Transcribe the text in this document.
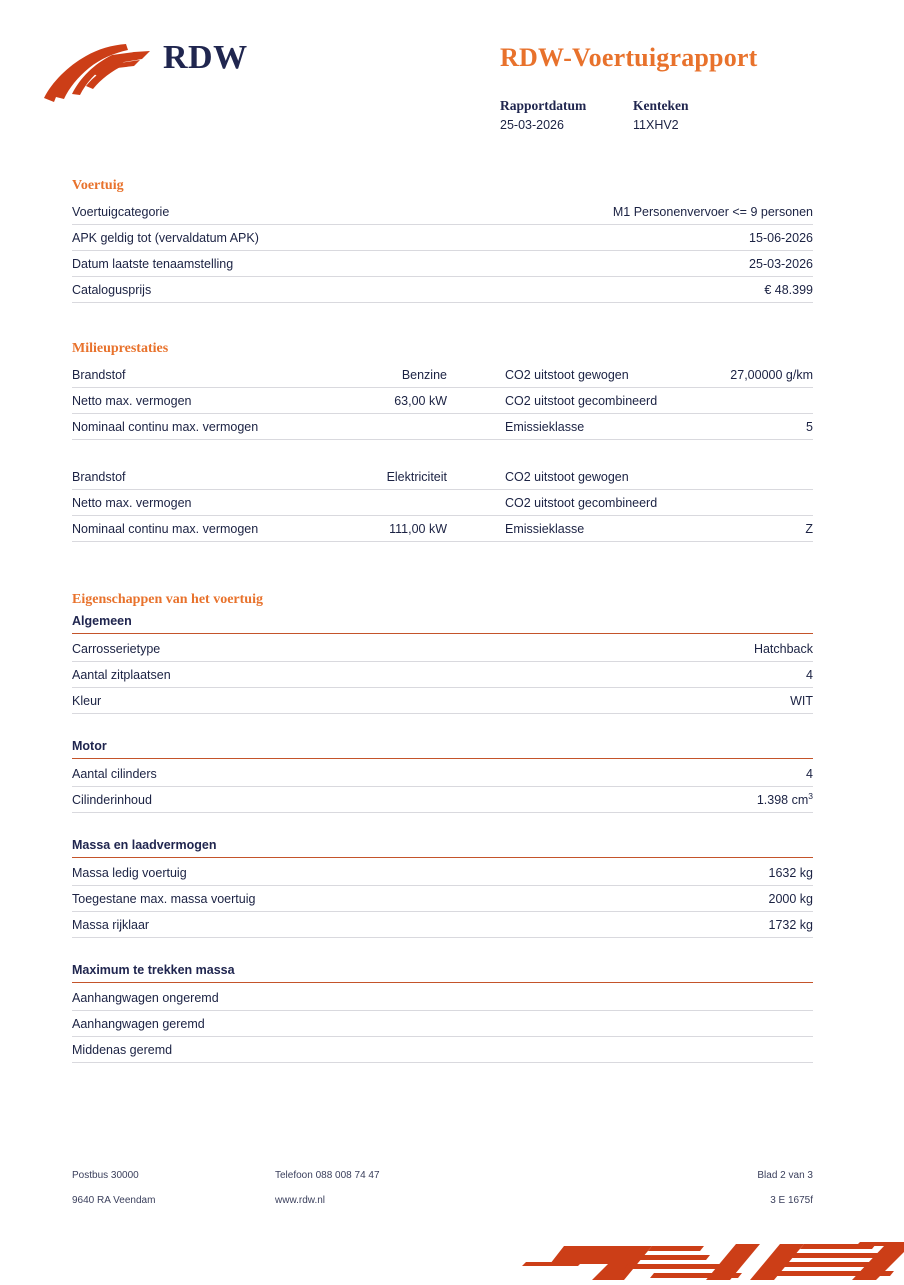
RDW	RDW-Voertuigrapport
Rapportdatum
25-03-2026
Kenteken
11XHV2
Voertuig
Voertuigcategorie	M1 Personenvervoer <= 9 personen
APK geldig tot (vervaldatum APK)	15-06-2026
Datum laatste tenaamstelling	25-03-2026
Catalogusprijs	€ 48.399
Milieuprestaties
Brandstof	Benzine	CO2 uitstoot gewogen	27,00000 g/km
Netto max. vermogen	63,00 kW	CO2 uitstoot gecombineerd	
Nominaal continu max. vermogen		Emissieklasse	5
Brandstof	Elektriciteit	CO2 uitstoot gewogen	
Netto max. vermogen		CO2 uitstoot gecombineerd	
Nominaal continu max. vermogen	111,00 kW	Emissieklasse	Z
Eigenschappen van het voertuig
Algemeen
Carrosserietype	Hatchback
Aantal zitplaatsen	4
Kleur	WIT
Motor
Aantal cilinders	4
Cilinderinhoud	1.398 $cm^3$
Massa en laadvermogen
Massa ledig voertuig	1632 kg
Toegestane max. massa voertuig	2000 kg
Massa rijklaar	1732 kg
Maximum te trekken massa
Aanhangwagen ongeremd	
Aanhangwagen geremd	
Middenas geremd	
Postbus 30000	Telefoon 088 008 74 47	Blad 2 van 3
9640 RA Veendam	www.rdw.nl	3 E 1675f
